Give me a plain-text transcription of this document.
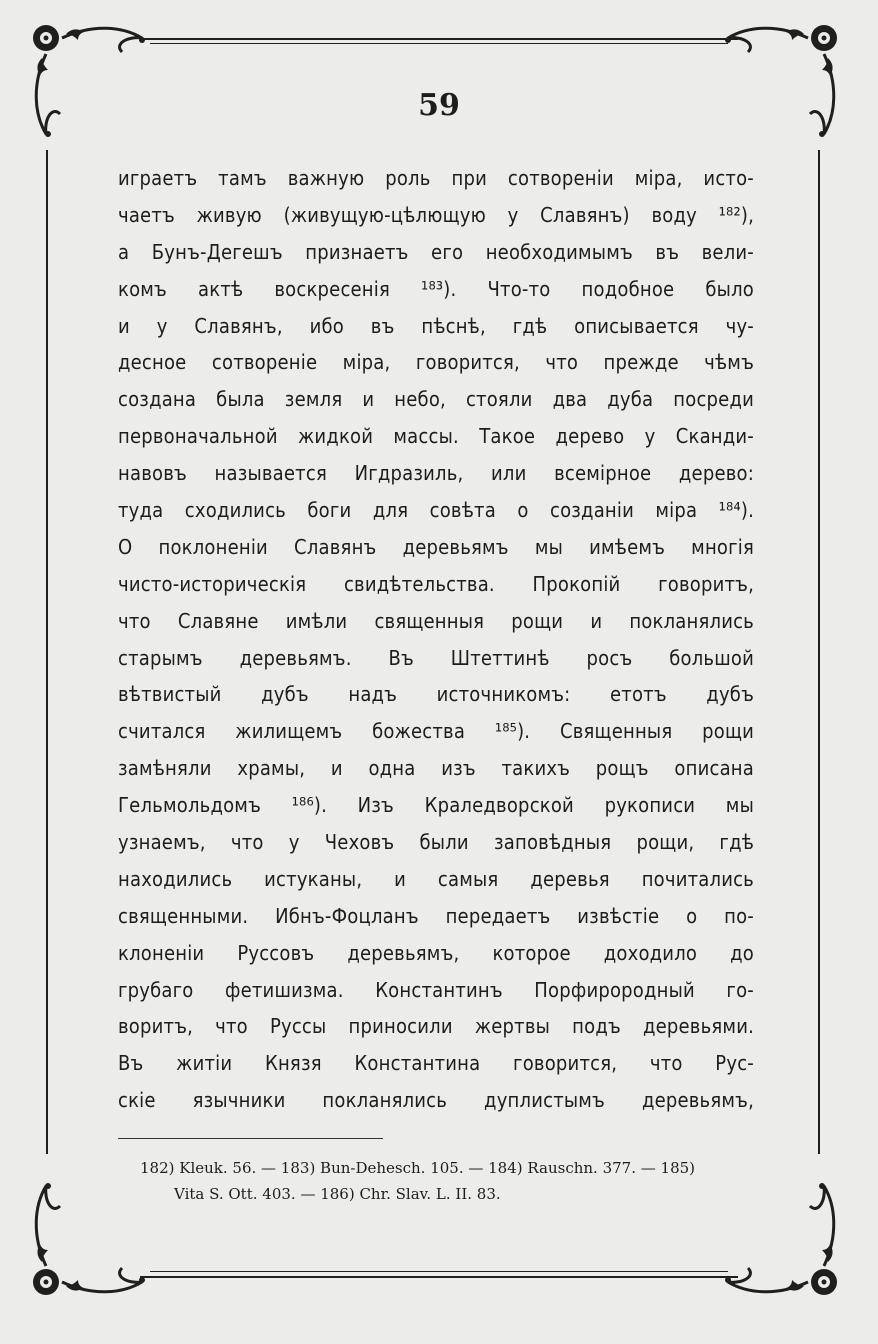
59
играетъ тамъ важную роль при сотворенiи мiра, исто-
чаетъ живую (живущую-цѣлющую у Славянъ) воду ¹⁸²),
а Бунъ-Дегешъ признаетъ его необходимымъ въ вели-
комъ актѣ воскресенiя ¹⁸³). Что-то подобное было
и у Славянъ, ибо въ пѣснѣ, гдѣ описывается чу-
десное сотворенiе мiра, говорится, что прежде чѣмъ
создана была земля и небо, стояли два дуба посреди
первоначальной жидкой массы. Такое дерево у Сканди-
навовъ называется Игдразиль, или всемiрное дерево:
туда сходились боги для совѣта о созданiи мiра ¹⁸⁴).
О поклоненiи Славянъ деревьямъ мы имѣемъ многiя
чисто-историческiя свидѣтельства. Прокопiй говоритъ,
что Славяне имѣли священныя рощи и покланялись
старымъ деревьямъ. Въ Штеттинѣ росъ большой
вѣтвистый дубъ надъ источникомъ: етотъ дубъ
считался жилищемъ божества ¹⁸⁵). Священныя рощи
замѣняли храмы, и одна изъ такихъ рощъ описана
Гельмольдомъ ¹⁸⁶). Изъ Краледворской рукописи мы
узнаемъ, что у Чеховъ были заповѣдныя рощи, гдѣ
находились истуканы, и самыя деревья почитались
священными. Ибнъ-Фоцланъ передаетъ извѣстiе о по-
клоненiи Руссовъ деревьямъ, которое доходило до
грубаго фетишизма. Константинъ Порфирородный го-
воритъ, что Руссы приносили жертвы подъ деревьями.
Въ житiи Князя Константина говорится, что Рус-
скiе язычники покланялись дуплистымъ деревьямъ,
182) Kleuk. 56. — 183) Bun-Dehesch. 105. — 184) Rauschn. 377. — 185)
Vita S. Ott. 403. — 186) Chr. Slav. L. II. 83.
